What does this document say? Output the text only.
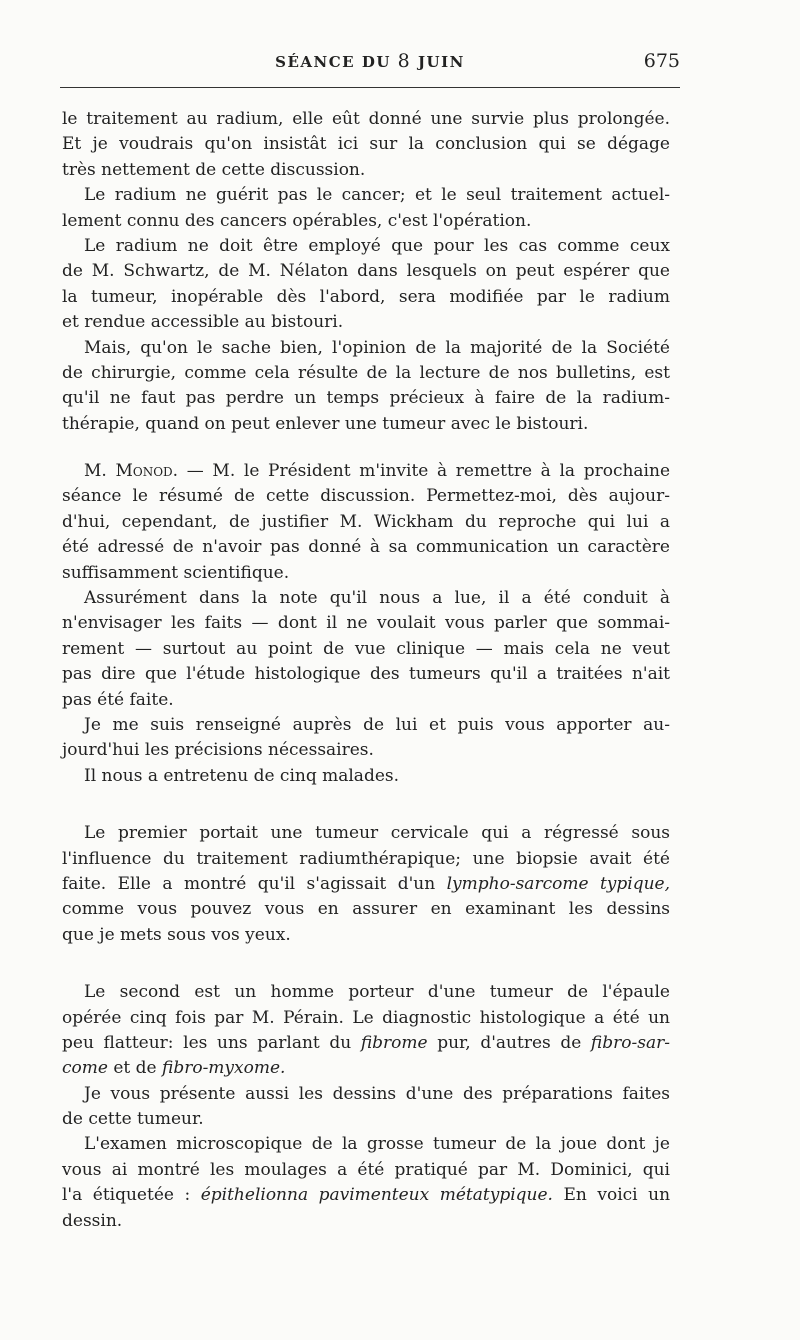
SÉANCE DU 8 JUIN	675
le traitement au radium, elle eût donné une survie plus prolongée.
Et je voudrais qu'on insistât ici sur la conclusion qui se dégage
très nettement de cette discussion.
Le radium ne guérit pas le cancer; et le seul traitement actuel-
lement connu des cancers opérables, c'est l'opération.
Le radium ne doit être employé que pour les cas comme ceux
de M. Schwartz, de M. Nélaton dans lesquels on peut espérer que
la tumeur, inopérable dès l'abord, sera modifiée par le radium
et rendue accessible au bistouri.
Mais, qu'on le sache bien, l'opinion de la majorité de la Société
de chirurgie, comme cela résulte de la lecture de nos bulletins, est
qu'il ne faut pas perdre un temps précieux à faire de la radium-
thérapie, quand on peut enlever une tumeur avec le bistouri.
M. Monod. — M. le Président m'invite à remettre à la prochaine
séance le résumé de cette discussion. Permettez-moi, dès aujour-
d'hui, cependant, de justifier M. Wickham du reproche qui lui a
été adressé de n'avoir pas donné à sa communication un caractère
suffisamment scientifique.
Assurément dans la note qu'il nous a lue, il a été conduit à
n'envisager les faits — dont il ne voulait vous parler que sommai-
rement — surtout au point de vue clinique — mais cela ne veut
pas dire que l'étude histologique des tumeurs qu'il a traitées n'ait
pas été faite.
Je me suis renseigné auprès de lui et puis vous apporter au-
jourd'hui les précisions nécessaires.
Il nous a entretenu de cinq malades.
Le premier portait une tumeur cervicale qui a régressé sous
l'influence du traitement radiumthérapique; une biopsie avait été
faite. Elle a montré qu'il s'agissait d'un lympho-sarcome typique,
comme vous pouvez vous en assurer en examinant les dessins
que je mets sous vos yeux.
Le second est un homme porteur d'une tumeur de l'épaule
opérée cinq fois par M. Pérain. Le diagnostic histologique a été un
peu flatteur: les uns parlant du fibrome pur, d'autres de fibro-sar-
come et de fibro-myxome.
Je vous présente aussi les dessins d'une des préparations faites
de cette tumeur.
L'examen microscopique de la grosse tumeur de la joue dont je
vous ai montré les moulages a été pratiqué par M. Dominici, qui
l'a étiquetée : épithelionna pavimenteux métatypique. En voici un
dessin.
